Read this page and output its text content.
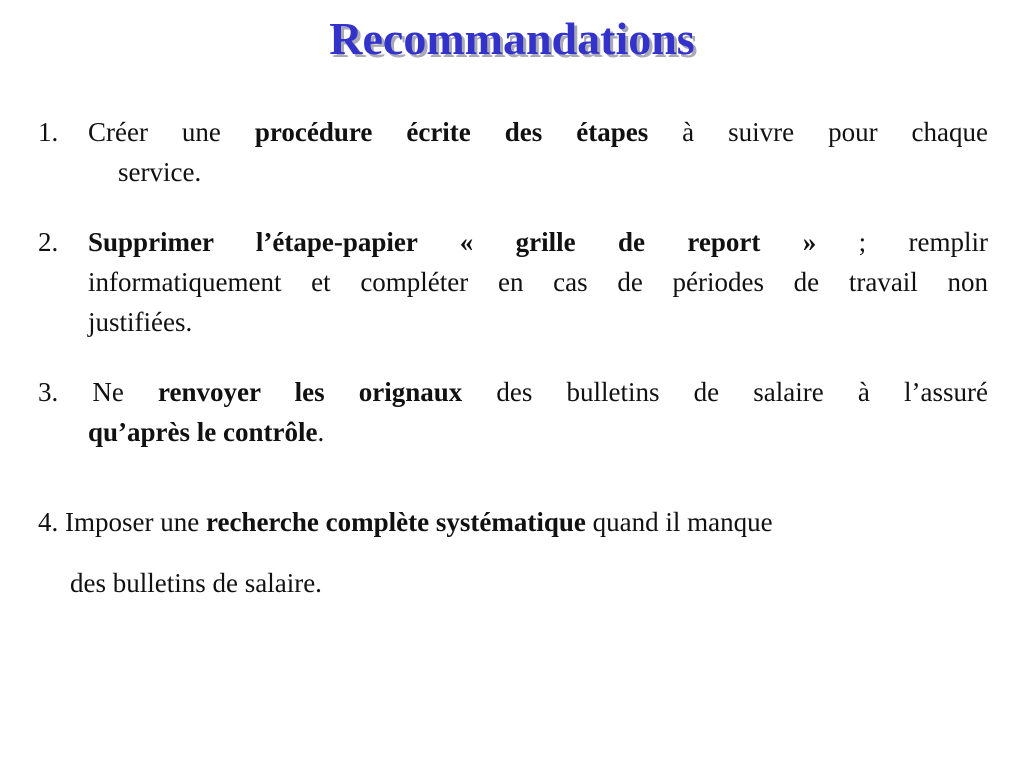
Recommandations
1. Créer une procédure écrite des étapes à suivre pour chaque
service.
2. Supprimer l’étape-papier « grille de report » ; remplir
informatiquement et compléter en cas de périodes de travail non
justifiées.
3. Ne renvoyer les orignaux des bulletins de salaire à l’assuré
qu’après le contrôle.
4. Imposer une recherche complète systématique quand il manque
des bulletins de salaire.
